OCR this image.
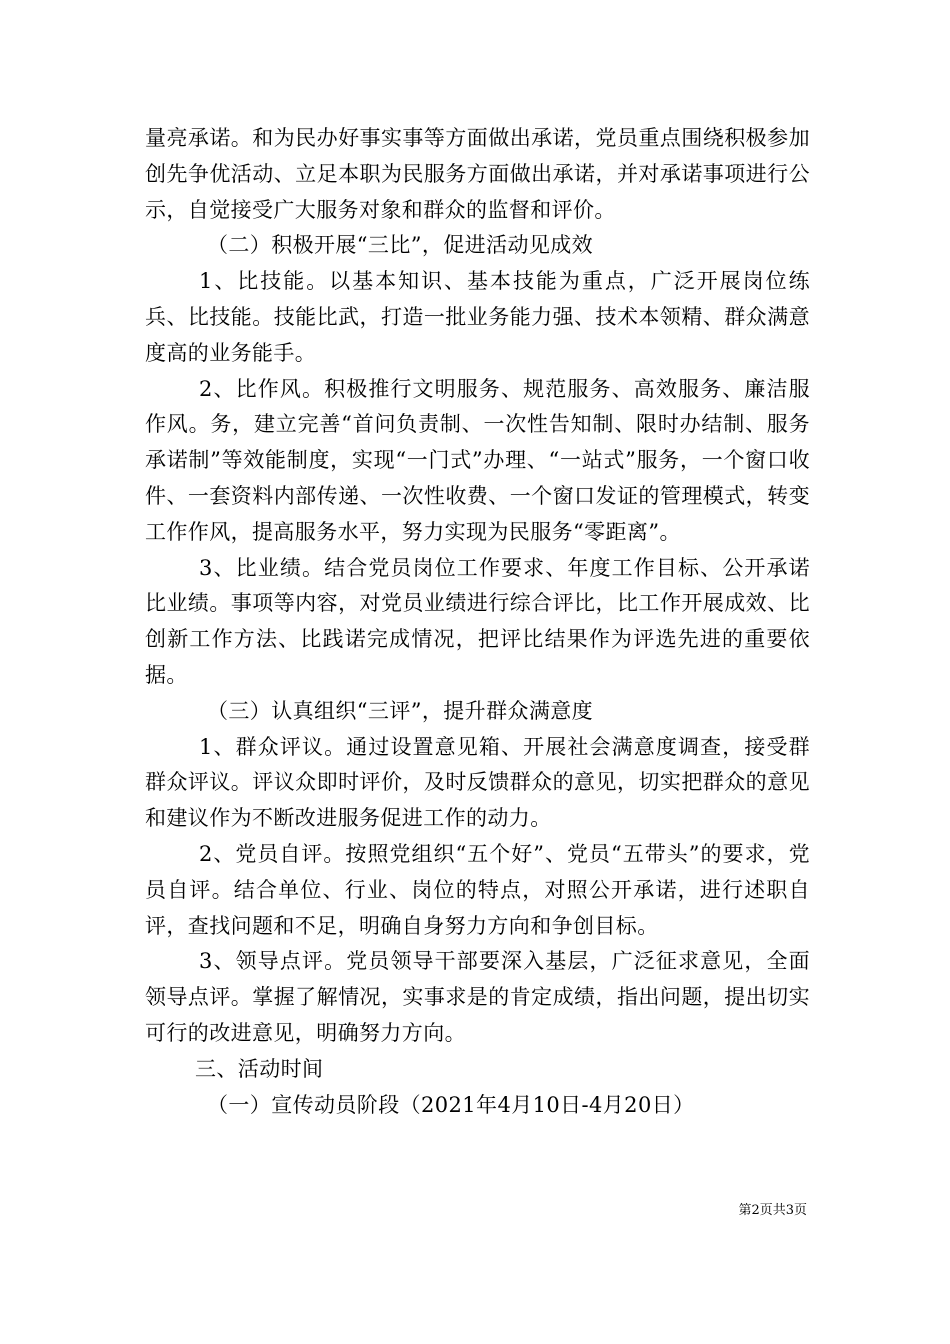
量亮承诺。和为民办好事实事等方面做出承诺，党员重点围绕积极参加创先争优活动、立足本职为民服务方面做出承诺，并对承诺事项进行公示，自觉接受广大服务对象和群众的监督和评价。

（二）积极开展“三比”，促进活动见成效

1、比技能。以基本知识、基本技能为重点，广泛开展岗位练兵、比技能。技能比武，打造一批业务能力强、技术本领精、群众满意度高的业务能手。

2、比作风。积极推行文明服务、规范服务、高效服务、廉洁服作风。务，建立完善“首问负责制、一次性告知制、限时办结制、服务承诺制”等效能制度，实现“一门式”办理、“一站式”服务，一个窗口收件、一套资料内部传递、一次性收费、一个窗口发证的管理模式，转变工作作风，提高服务水平，努力实现为民服务“零距离”。

3、比业绩。结合党员岗位工作要求、年度工作目标、公开承诺比业绩。事项等内容，对党员业绩进行综合评比，比工作开展成效、比创新工作方法、比践诺完成情况，把评比结果作为评选先进的重要依据。

（三）认真组织“三评”，提升群众满意度

1、群众评议。通过设置意见箱、开展社会满意度调查，接受群群众评议。评议众即时评价，及时反馈群众的意见，切实把群众的意见和建议作为不断改进服务促进工作的动力。

2、党员自评。按照党组织“五个好”、党员“五带头”的要求，党员自评。结合单位、行业、岗位的特点，对照公开承诺，进行述职自评，查找问题和不足，明确自身努力方向和争创目标。

3、领导点评。党员领导干部要深入基层，广泛征求意见，全面领导点评。掌握了解情况，实事求是的肯定成绩，指出问题，提出切实可行的改进意见，明确努力方向。

三、活动时间

（一）宣传动员阶段（2021年4月10日-4月20日）

第2页共3页
